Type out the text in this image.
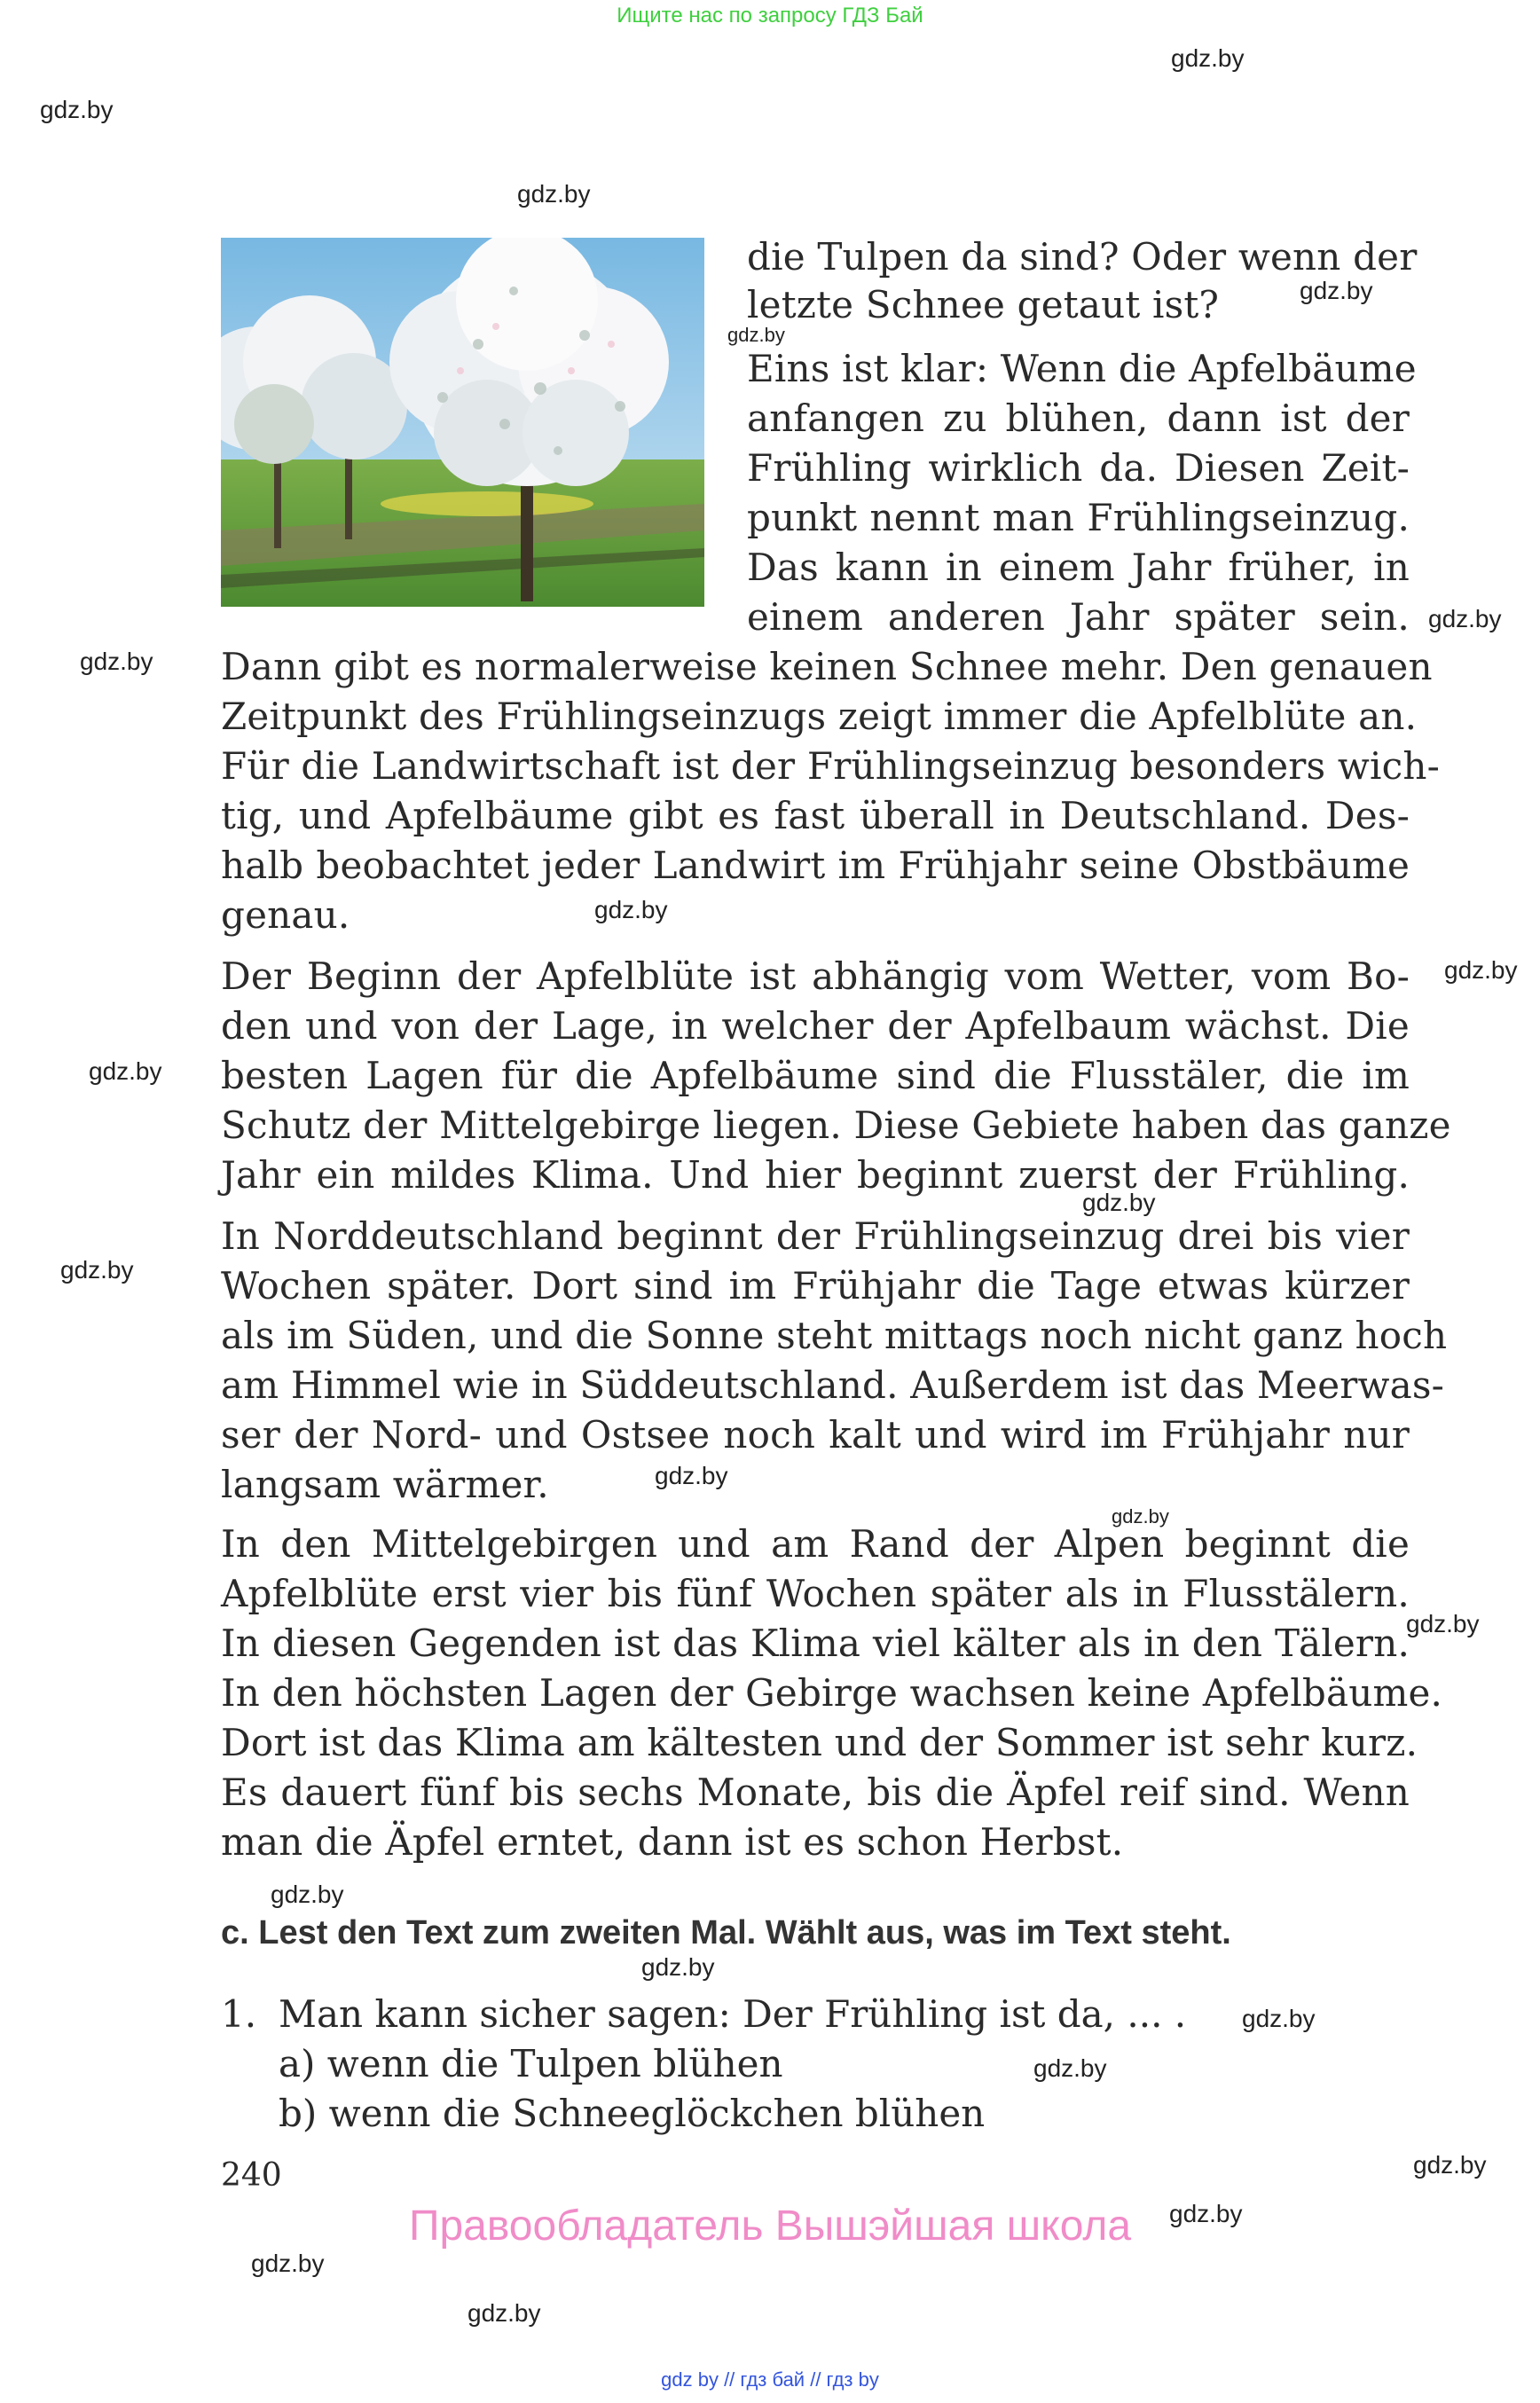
Ищите нас по запросу ГДЗ Бай
gdz.by
gdz.by
gdz.by
gdz.by
gdz.by
gdz.by
gdz.by
gdz.by
gdz.by
gdz.by
gdz.by
gdz.by
gdz.by
gdz.by
gdz.by
gdz.by
gdz.by
gdz.by
gdz.by
gdz.by
gdz.by
gdz.by
gdz.by
die Tulpen da sind? Oder wenn der
letzte Schnee getaut ist?
Eins ist klar: Wenn die Apfelbäume
anfangen zu blühen, dann ist der
Frühling wirklich da. Diesen Zeit-
punkt nennt man Frühlingseinzug.
Das kann in einem Jahr früher, in
einem anderen Jahr später sein.
Dann gibt es normalerweise keinen Schnee mehr. Den genauen
Zeitpunkt des Frühlingseinzugs zeigt immer die Apfelblüte an.
Für die Landwirtschaft ist der Frühlingseinzug besonders wich-
tig, und Apfelbäume gibt es fast überall in Deutschland. Des-
halb beobachtet jeder Landwirt im Frühjahr seine Obstbäume
genau.
Der Beginn der Apfelblüte ist abhängig vom Wetter, vom Bo-
den und von der Lage, in welcher der Apfelbaum wächst. Die
besten Lagen für die Apfelbäume sind die Flusstäler, die im
Schutz der Mittelgebirge liegen. Diese Gebiete haben das ganze
Jahr ein mildes Klima. Und hier beginnt zuerst der Frühling.
In Norddeutschland beginnt der Frühlingseinzug drei bis vier
Wochen später. Dort sind im Frühjahr die Tage etwas kürzer
als im Süden, und die Sonne steht mittags noch nicht ganz hoch
am Himmel wie in Süddeutschland. Außerdem ist das Meerwas-
ser der Nord- und Ostsee noch kalt und wird im Frühjahr nur
langsam wärmer.
In den Mittelgebirgen und am Rand der Alpen beginnt die
Apfelblüte erst vier bis fünf Wochen später als in Flusstälern.
In diesen Gegenden ist das Klima viel kälter als in den Tälern.
In den höchsten Lagen der Gebirge wachsen keine Apfelbäume.
Dort ist das Klima am kältesten und der Sommer ist sehr kurz.
Es dauert fünf bis sechs Monate, bis die Äpfel reif sind. Wenn
man die Äpfel erntet, dann ist es schon Herbst.
c. Lest den Text zum zweiten Mal. Wählt aus, was im Text steht.
1. Man kann sicher sagen: Der Frühling ist da, ... .
a) wenn die Tulpen blühen
b) wenn die Schneeglöckchen blühen
240
Правообладатель Вышэйшая школа
gdz by // гдз бай // гдз by
